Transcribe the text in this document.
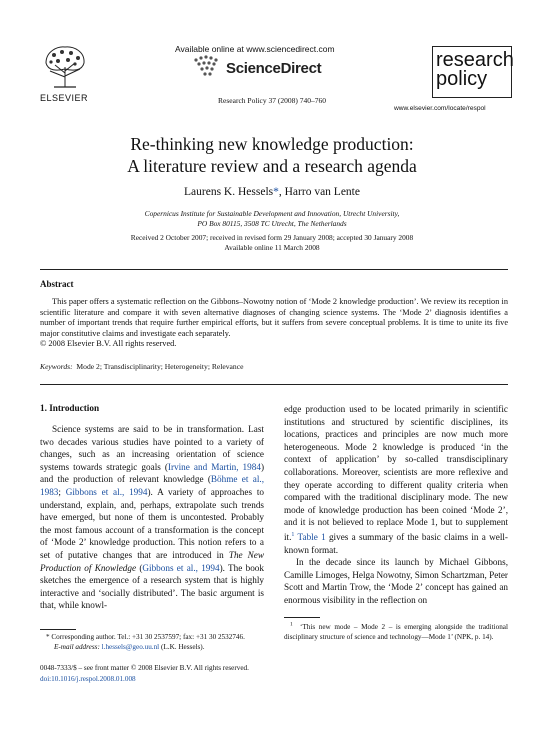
Available online at www.sciencedirect.com
ScienceDirect
ELSEVIER	Research Policy 37 (2008) 740–760
research
policy
www.elsevier.com/locate/respol
Re-thinking new knowledge production:
A literature review and a research agenda
Laurens K. Hessels*, Harro van Lente
Copernicus Institute for Sustainable Development and Innovation, Utrecht University,
PO Box 80115, 3508 TC Utrecht, The Netherlands
Received 2 October 2007; received in revised form 29 January 2008; accepted 30 January 2008
Available online 11 March 2008
Abstract
This paper offers a systematic reflection on the Gibbons–Nowotny notion of ‘Mode 2 knowledge production’. We review its reception in scientific literature and compare it with seven alternative diagnoses of changing science systems. The ‘Mode 2’ diagnosis identifies a number of important trends that require further empirical efforts, but it suffers from severe conceptual problems. It is time to unite its five major constitutive claims and investigate each separately.
© 2008 Elsevier B.V. All rights reserved.
Keywords: Mode 2; Transdisciplinarity; Heterogeneity; Relevance
1. Introduction

Science systems are said to be in transformation. Last two decades various studies have pointed to a variety of changes, such as an increasing orientation of science systems towards strategic goals (Irvine and Martin, 1984) and the production of relevant knowledge (Böhme et al., 1983; Gibbons et al., 1994). A variety of approaches to understand, explain, and, perhaps, extrapolate such trends have emerged, but none of them is uncontested. Probably the most famous account of a transformation is the concept of ‘Mode 2’ knowledge production. This notion refers to a set of putative changes that are introduced in The New Production of Knowledge (Gibbons et al., 1994). The book sketches the emergence of a research system that is highly interactive and ‘socially distributed’. The basic argument is that, while knowl-

edge production used to be located primarily in scientific institutions and structured by scientific disciplines, its locations, practices and principles are now much more heterogeneous. Mode 2 knowledge is produced ‘in the context of application’ by so-called transdisciplinary collaborations. Moreover, scientists are more reflexive and they operate according to different quality criteria when compared with the traditional disciplinary mode. The new mode of knowledge production has been coined ‘Mode 2’, and it is not believed to replace Mode 1, but to supplement it.$^1$ Table 1 gives a summary of the basic claims in a well-known format.

In the decade since its launch by Michael Gibbons, Camille Limoges, Helga Nowotny, Simon Schartzman, Peter Scott and Martin Trow, the ‘Mode 2’ concept has gained an enormous visibility in the reflection on

* Corresponding author. Tel.: +31 30 2537597; fax: +31 30 2532746.
E-mail address: l.hessels@geo.uu.nl (L.K. Hessels).
$^1$ ‘This new mode – Mode 2 – is emerging alongside the traditional disciplinary structure of science and technology—Mode 1’ (NPK, p. 14).
0048-7333/$ – see front matter © 2008 Elsevier B.V. All rights reserved.
doi:10.1016/j.respol.2008.01.008
